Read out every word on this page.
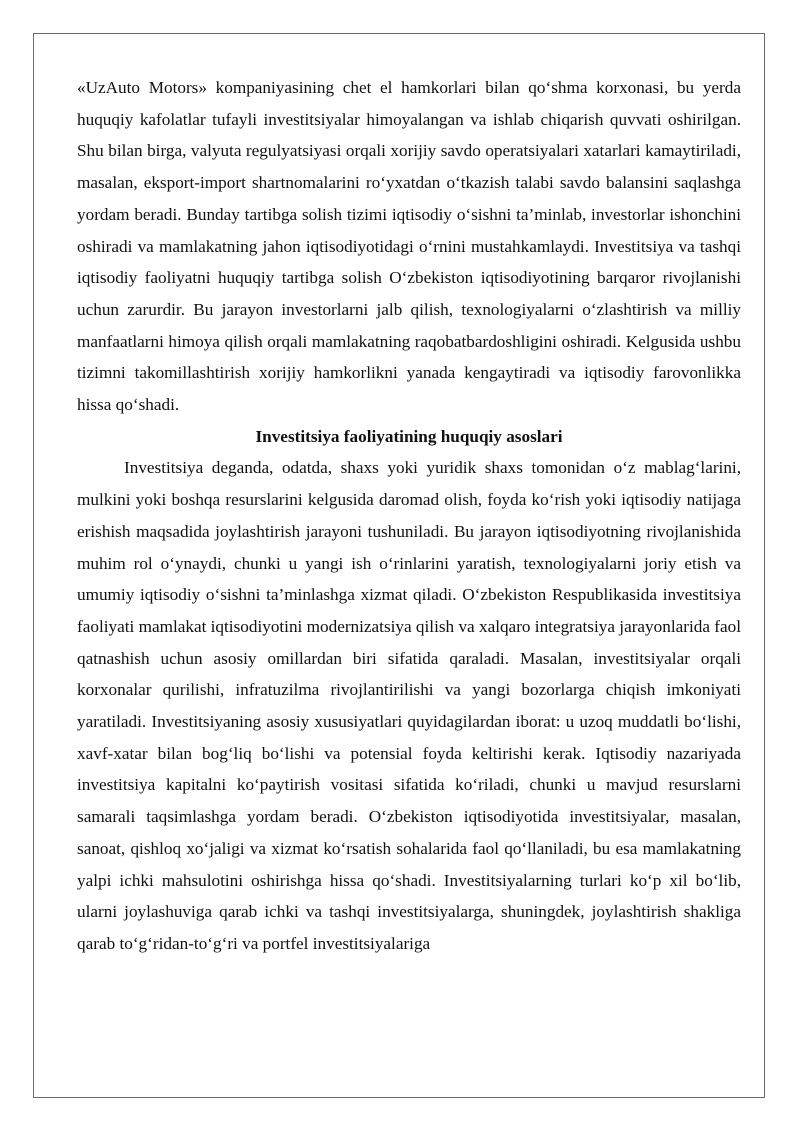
«UzAuto Motors» kompaniyasining chet el hamkorlari bilan qo‘shma korxonasi, bu yerda huquqiy kafolatlar tufayli investitsiyalar himoyalangan va ishlab chiqarish quvvati oshirilgan. Shu bilan birga, valyuta regulyatsiyasi orqali xorijiy savdo operatsiyalari xatarlari kamaytiriladi, masalan, eksport-import shartnomalarini ro‘yxatdan o‘tkazish talabi savdo balansini saqlashga yordam beradi. Bunday tartibga solish tizimi iqtisodiy o‘sishni ta’minlab, investorlar ishonchini oshiradi va mamlakatning jahon iqtisodiyotidagi o‘rnini mustahkamlaydi. Investitsiya va tashqi iqtisodiy faoliyatni huquqiy tartibga solish O‘zbekiston iqtisodiyotining barqaror rivojlanishi uchun zarurdir. Bu jarayon investorlarni jalb qilish, texnologiyalarni o‘zlashtirish va milliy manfaatlarni himoya qilish orqali mamlakatning raqobatbardoshligini oshiradi. Kelgusida ushbu tizimni takomillashtirish xorijiy hamkorlikni yanada kengaytiradi va iqtisodiy farovonlikka hissa qo‘shadi.

Investitsiya faoliyatining huquqiy asoslari

Investitsiya deganda, odatda, shaxs yoki yuridik shaxs tomonidan o‘z mablag‘larini, mulkini yoki boshqa resurslarini kelgusida daromad olish, foyda ko‘rish yoki iqtisodiy natijaga erishish maqsadida joylashtirish jarayoni tushuniladi. Bu jarayon iqtisodiyotning rivojlanishida muhim rol o‘ynaydi, chunki u yangi ish o‘rinlarini yaratish, texnologiyalarni joriy etish va umumiy iqtisodiy o‘sishni ta’minlashga xizmat qiladi. O‘zbekiston Respublikasida investitsiya faoliyati mamlakat iqtisodiyotini modernizatsiya qilish va xalqaro integratsiya jarayonlarida faol qatnashish uchun asosiy omillardan biri sifatida qaraladi. Masalan, investitsiyalar orqali korxonalar qurilishi, infratuzilma rivojlantirilishi va yangi bozorlarga chiqish imkoniyati yaratiladi. Investitsiyaning asosiy xususiyatlari quyidagilardan iborat: u uzoq muddatli bo‘lishi, xavf-xatar bilan bog‘liq bo‘lishi va potensial foyda keltirishi kerak. Iqtisodiy nazariyada investitsiya kapitalni ko‘paytirish vositasi sifatida ko‘riladi, chunki u mavjud resurslarni samarali taqsimlashga yordam beradi. O‘zbekiston iqtisodiyotida investitsiyalar, masalan, sanoat, qishloq xo‘jaligi va xizmat ko‘rsatish sohalarida faol qo‘llaniladi, bu esa mamlakatning yalpi ichki mahsulotini oshirishga hissa qo‘shadi. Investitsiyalarning turlari ko‘p xil bo‘lib, ularni joylashuviga qarab ichki va tashqi investitsiyalarga, shuningdek, joylashtirish shakliga qarab to‘g‘ridan-to‘g‘ri va portfel investitsiyalariga
